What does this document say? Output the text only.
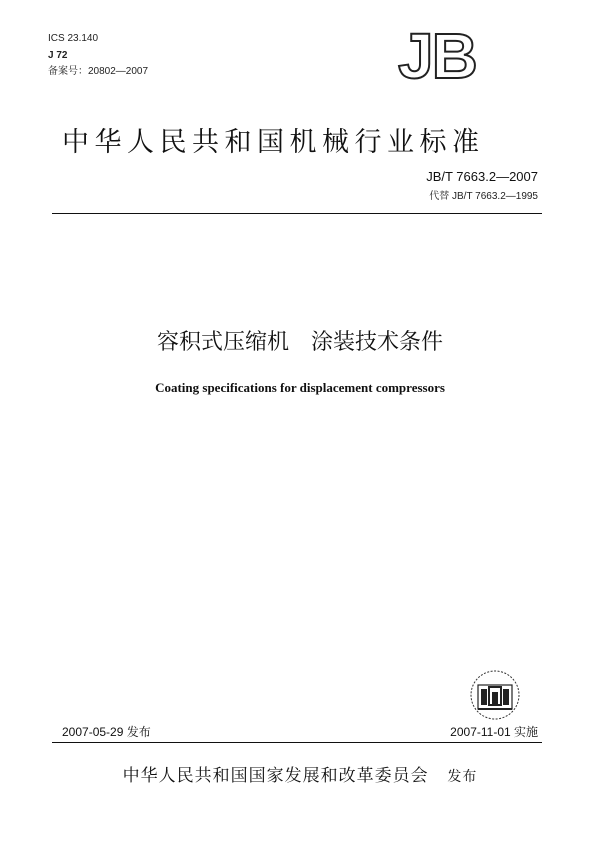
ICS 23.140
J 72
备案号：20802—2007	JB
中华人民共和国机械行业标准
JB/T 7663.2—2007
代替 JB/T 7663.2—1995
容积式压缩机　涂装技术条件
Coating specifications for displacement compressors
2007-05-29 发布	2007-11-01 实施
中华人民共和国国家发展和改革委员会 发布
